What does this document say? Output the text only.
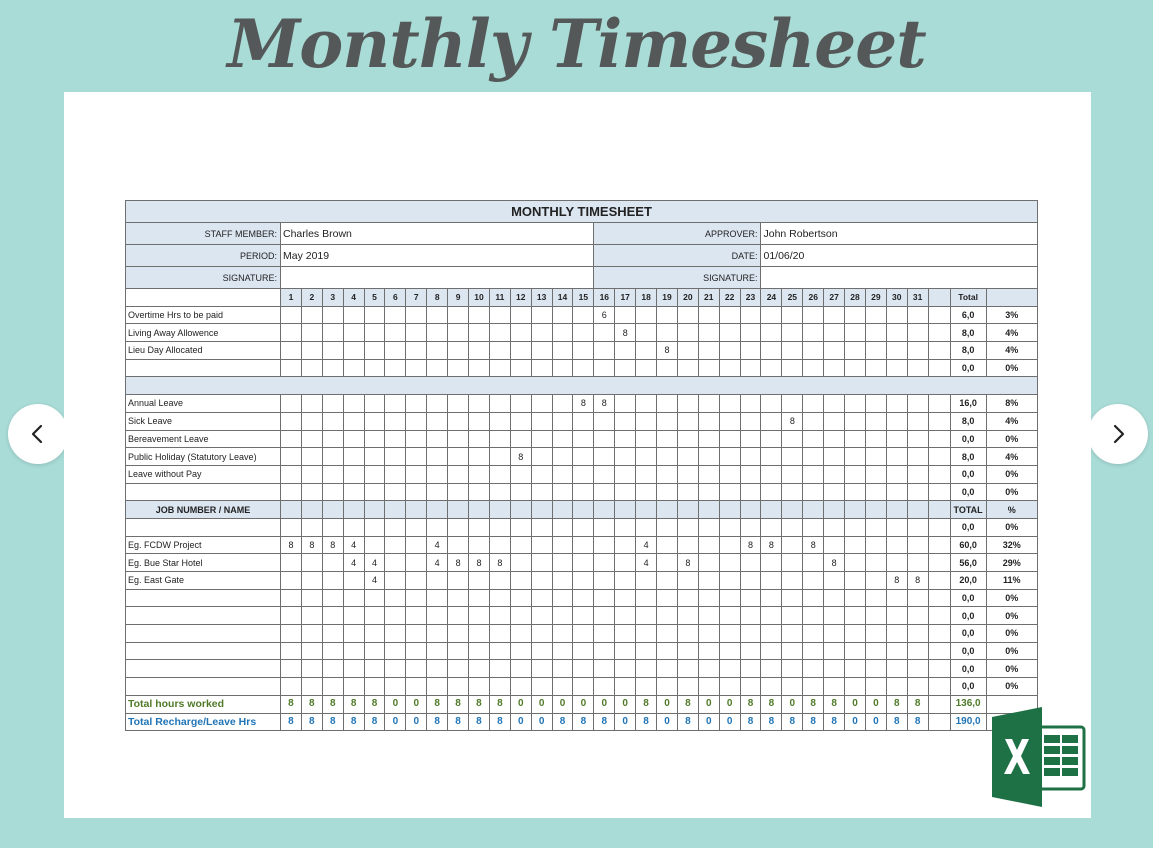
Monthly Timesheet
MONTHLY TIMESHEET																																		
STAFF MEMBER:	Charles Brown															APPROVER:								John Robertson										
PERIOD:	May 2019															DATE:								01/06/20										
SIGNATURE:																SIGNATURE:																		
	1	2	3	4	5	6	7	8	9	10	11	12	13	14	15	16	17	18	19	20	21	22	23	24	25	26	27	28	29	30	31		Total	
Overtime Hrs to be paid																6																	6,0	3%
Living Away Allowence																	8																8,0	4%
Lieu Day Allocated																			8														8,0	4%
																																	0,0	0%

Annual Leave															8	8																	16,0	8%
Sick Leave																									8								8,0	4%
Bereavement Leave																																	0,0	0%
Public Holiday (Statutory Leave)												8																					8,0	4%
Leave without Pay																																	0,0	0%
																																	0,0	0%
JOB NUMBER / NAME																																	TOTAL	%
																																	0,0	0%
Eg. FCDW Project	8	8	8	4				4										4					8	8		8							60,0	32%
Eg. Bue Star Hotel				4	4			4	8	8	8							4		8							8						56,0	29%
Eg. East Gate					4																									8	8		20,0	11%
																																	0,0	0%
																																	0,0	0%
																																	0,0	0%
																																	0,0	0%
																																	0,0	0%
																																	0,0	0%
Total hours worked	8	8	8	8	8	0	0	8	8	8	8	0	0	0	0	0	0	8	0	8	0	0	8	8	0	8	8	0	0	8	8		136,0	
Total Recharge/Leave Hrs	8	8	8	8	8	0	0	8	8	8	8	0	0	8	8	8	0	8	0	8	0	0	8	8	8	8	8	0	0	8	8		190,0	
